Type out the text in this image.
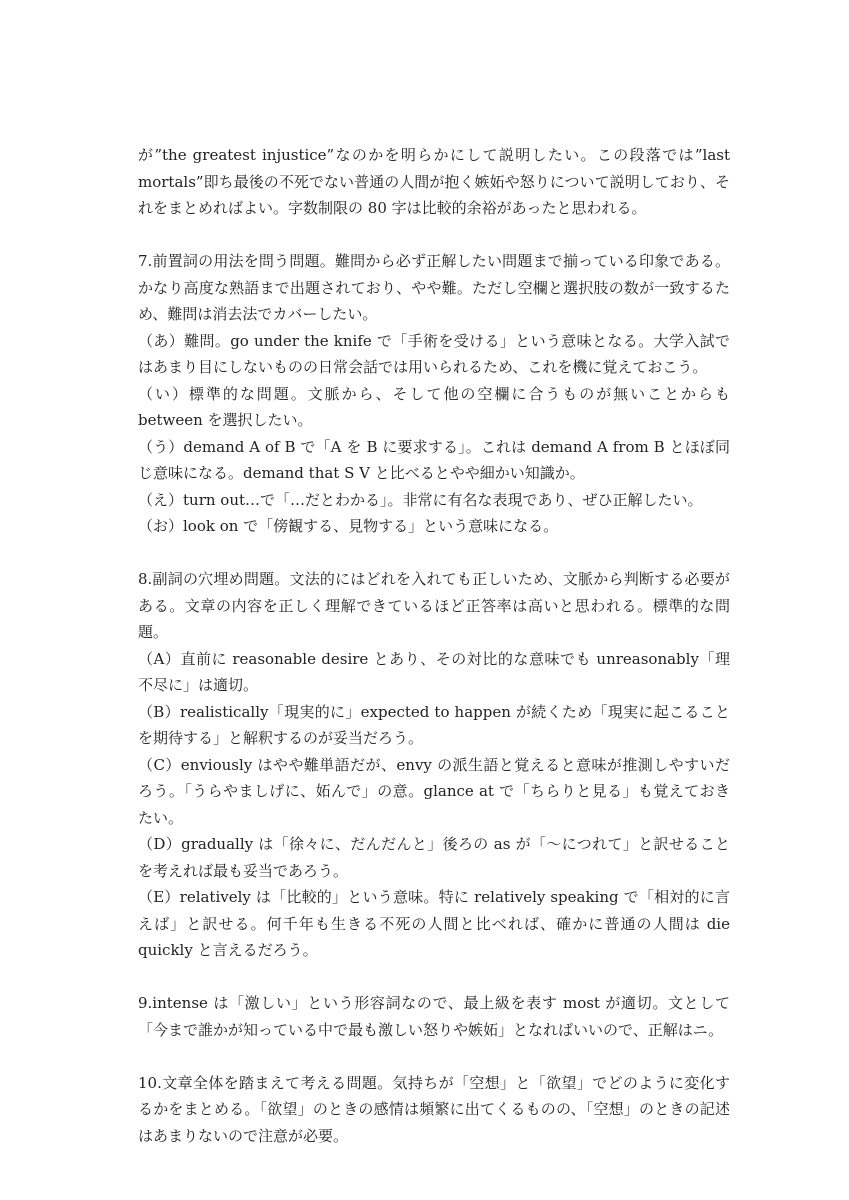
が”the greatest injustice”なのかを明らかにして説明したい。この段落では”last mortals”即ち最後の不死でない普通の人間が抱く嫉妬や怒りについて説明しており、それをまとめればよい。字数制限の 80 字は比較的余裕があったと思われる。

7.前置詞の用法を問う問題。難問から必ず正解したい問題まで揃っている印象である。かなり高度な熟語まで出題されており、やや難。ただし空欄と選択肢の数が一致するため、難問は消去法でカバーしたい。

（あ）難問。go under the knife で「手術を受ける」という意味となる。大学入試ではあまり目にしないものの日常会話では用いられるため、これを機に覚えておこう。

（い）標準的な問題。文脈から、そして他の空欄に合うものが無いことからも between を選択したい。

（う）demand A of B で「A を B に要求する」。これは demand A from B とほぼ同じ意味になる。demand that S V と比べるとやや細かい知識か。

（え）turn out…で「…だとわかる」。非常に有名な表現であり、ぜひ正解したい。

（お）look on で「傍観する、見物する」という意味になる。

8.副詞の穴埋め問題。文法的にはどれを入れても正しいため、文脈から判断する必要がある。文章の内容を正しく理解できているほど正答率は高いと思われる。標準的な問題。

（A）直前に reasonable desire とあり、その対比的な意味でも unreasonably「理不尽に」は適切。

（B）realistically「現実的に」expected to happen が続くため「現実に起こることを期待する」と解釈するのが妥当だろう。

（C）enviously はやや難単語だが、envy の派生語と覚えると意味が推測しやすいだろう。「うらやましげに、妬んで」の意。glance at で「ちらりと見る」も覚えておきたい。

（D）gradually は「徐々に、だんだんと」後ろの as が「～につれて」と訳せることを考えれば最も妥当であろう。

（E）relatively は「比較的」という意味。特に relatively speaking で「相対的に言えば」と訳せる。何千年も生きる不死の人間と比べれば、確かに普通の人間は die quickly と言えるだろう。

9.intense は「激しい」という形容詞なので、最上級を表す most が適切。文として「今まで誰かが知っている中で最も激しい怒りや嫉妬」となればいいので、正解はニ。

10.文章全体を踏まえて考える問題。気持ちが「空想」と「欲望」でどのように変化するかをまとめる。「欲望」のときの感情は頻繁に出てくるものの、「空想」のときの記述はあまりないので注意が必要。
